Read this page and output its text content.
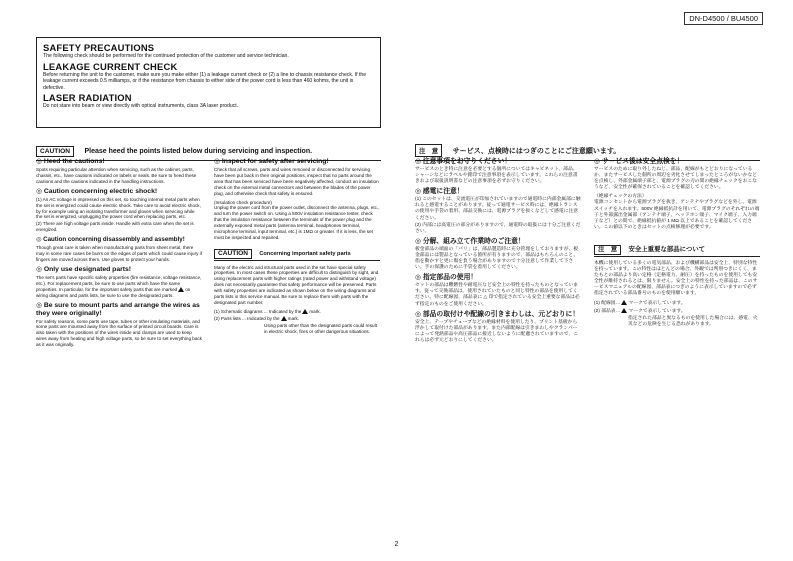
DN-D4500 / BU4500
SAFETY PRECAUTIONS

The following check should be performed for the continued protection of the customer and service technician.

LEAKAGE CURRENT CHECK

Before returning the unit to the customer, make sure you make either (1) a leakage current check or (2) a line to chassis resistance check. If the leakage current exceeds 0.5 milliamps, or if the resistance from chassis to either side of the power cord is less than 460 kohms, the unit is defective.

LASER RADIATION

Do not stare into beam or view directly with optical instruments, class 3A laser product.

CAUTION Please heed the points listed below during servicing and inspection.
◎ Heed the cautions!

Spots requiring particular attention when servicing, such as the cabinet, parts, chassis, etc., have cautions indicated on labels or seals. Be sure to heed these cautions and the cautions indicated in the handling instructions.

◎ Caution concerning electric shock!
(1) An AC voltage is impressed on this set, so touching internal metal parts when the set is energized could cause electric shock. Take care to avoid electric shock, by for example using an isolating transformer and gloves when servicing while the set is energized, unplugging the power cord when replacing parts, etc.
(2) There are high voltage parts inside. Handle with extra care when the set is energized.
◎ Caution concerning disassembly and assembly!

Though great care is taken when manufacturing parts from sheet metal, there may in some rare cases be burrs on the edges of parts which could cause injury if fingers are moved across them. Use gloves to protect your hands.

◎ Only use designated parts!

The set's parts have specific safety properties (fire resistance, voltage resistance, etc.). For replacement parts, be sure to use parts which have the same properties. In particular, for the important safety parts that are marked on wiring diagrams and parts lists, be sure to use the designated parts.

◎ Be sure to mount parts and arrange the wires as they were originally!

For safety reasons, some parts use tape, tubes or other insulating materials, and some parts are mounted away from the surface of printed circuit boards. Care is also taken with the positions of the wires inside and clamps are used to keep wires away from heating and high voltage parts, so be sure to set everything back as it was originally.

◎ Inspect for safety after servicing!

Check that all screws, parts and wires removed or disconnected for servicing have been put back in their original positions, inspect that no parts around the area that has been serviced have been negatively affected, conduct an insulation check on the external metal connectors and between the blades of the power plug, and otherwise check that safety is ensured.

(Insulation check procedure)

Unplug the power cord from the power outlet, disconnect the antenna, plugs, etc., and turn the power switch on. Using a 500V insulation resistance tester, check that the insulation resistance between the terminals of the power plug and the externally exposed metal parts (antenna terminal, headphones terminal, microphone terminal, input terminal, etc.) is 1MΩ or greater. If it is less, the set must be inspected and repaired.

CAUTION Concerning important safety parts

Many of the electric and structural parts used in the set have special safety properties. In most cases these properties are difficult to distinguish by sight, and using replacement parts with higher ratings (rated power and withstand voltage) does not necessarily guarantee that safety performance will be preserved. Parts with safety properties are indicated as shown below on the wiring diagrams and parts lists in this service manual. Be sure to replace them with parts with the designated part number.

(1) Schematic diagrams ... Indicated by the mark.

(2) Parts lists ... Indicated by the mark.

Using parts other than the designated parts could result in electric shock, fires or other dangerous situations.

注　意 サービス、点検時にはつぎのことにご注意願います。
◎ 注意事項をお守りください！

サービスのとき特に注意を必要とする個所についてはキャビネット、部品、シャーシなどにラベルや銘印で注意事項を表示しています。これらの注意書きおよび取扱説明書などの注意事項を必ずお守りください。

◎ 感電に注意！
(1) このセットは、交流電圧が印加されていますので通電時に内部金属部に触れると感電することがあります。従って通電サービス時には、絶縁トランスの使用や手袋の着用、部品交換には、電源プラグを抜くなどして感電に注意ください。
(2) 内部には高電圧の部分がありますので、通電時の取扱には十分ご注意ください。
◎ 分解、組み立て作業時のご注意！

板金部品の端面の「バリ」は、部品製造時に充分管理をしておりますが、板金部品には製品となっている箇所が有りますので、部品はもちろんのこと、指を動かすと更に傷を負う場合がありますので十分注意して作業して下さい。手の保護のために手袋を着用してください。

◎ 指定部品の使用！

セットの部品は難燃性や耐電圧など安全上の特性を持ったものとなっています。従って交換部品は、使用されていたものと同じ特性の部品を使用してください。特に配線図、部品表に △ 印で指定されている安全上重要な部品は必ず指定のものをご使用ください。

◎ 部品の取付けや配線の引きまわしは、元どおりに！

安全上、テープやチューブなどの絶縁材料を使用したり、プリント基板から浮かして取付けた部品があります。また内部配線は引きまわしやクランパーによって発熱部品や高圧部品に接近しないように配慮されていますので、これらは必ず元どおりにしてください。

◎ サービス後は安全点検を！

サービスのために取り外したねじ、部品、配線がもとどおりになっているか、またサービスした個所の周辺を劣化させてしまったところがないかなどを点検し、外部金属端子部と、電源プラグの刃の間の絶縁チェックをおこなうなど、安全性が確保されていることを確認してください。

（絶縁チェックの方法）

電源コンセントから電源プラグを抜き、アンテナやプラグなどを外し、電源スイッチを入れます。500V 絶縁抵抗計を用いて、電源プラグのそれぞれの端子と外部露出金属部（アンテナ端子、ヘッドホン端子、マイク端子、入力端子など）との間で、絶縁抵抗値が 1 MΩ 以上であることを確認してください。この値以下のときはセットの点検修理が必要です。

注　意 安全上重要な部品について

本機に使用している多くの電気部品、および機構部品は安全上、特別な特性を持っています。この特性はほとんどの場合、外観では判別つきにくく、またもとの部品より高い定格（定格電力、耐圧）を持ったものを使用しても安全性が維持されるとは、限りません。安全上の特性を持った部品は、このサービスマニュアルの配線図、部品表につぎのように表示していますので必ず指定されている部品番号のものを使用願います。

(1) 配線図… マークで表示しています。

(2) 部品表… マークで表示しています。

指定された部品と異なるものを使用した場合には、感電、火災などの危険を生じる恐れがあります。

2
